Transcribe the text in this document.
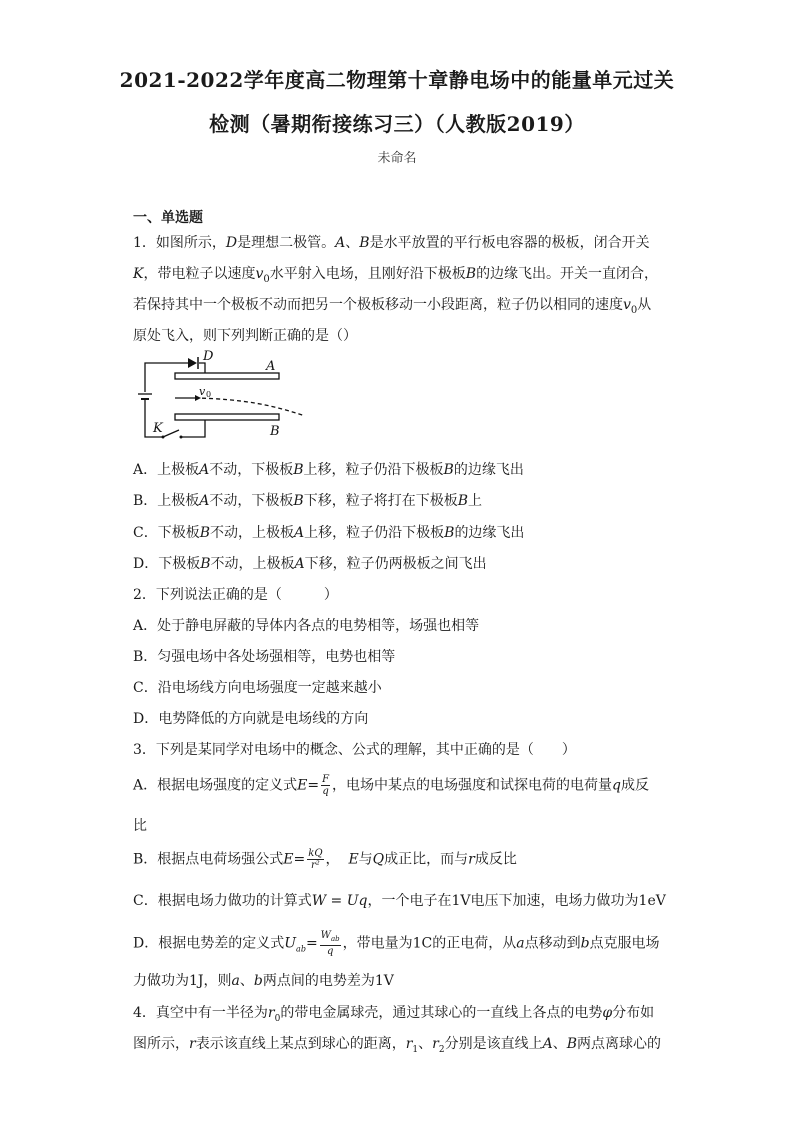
2021-2022学年度高二物理第十章静电场中的能量单元过关
检测（暑期衔接练习三）（人教版2019）
未命名
一、单选题
1．如图所示，D是理想二极管。A、B是水平放置的平行板电容器的极板，闭合开关
K，带电粒子以速度$v_0$水平射入电场，且刚好沿下极板B的边缘飞出。开关一直闭合，
若保持其中一个极板不动而把另一个极板移动一小段距离，粒子仍以相同的速度$v_0$从
原处飞入，则下列判断正确的是（）
D
A
v 0
B
K
A．上极板A不动，下极板B上移，粒子仍沿下极板B的边缘飞出
B．上极板A不动，下极板B下移，粒子将打在下极板B上
C．下极板B不动，上极板A上移，粒子仍沿下极板B的边缘飞出
D．下极板B不动，上极板A下移，粒子仍两极板之间飞出
2．下列说法正确的是（　　　）
A．处于静电屏蔽的导体内各点的电势相等，场强也相等
B．匀强电场中各处场强相等，电势也相等
C．沿电场线方向电场强度一定越来越小
D．电势降低的方向就是电场线的方向
3．下列是某同学对电场中的概念、公式的理解，其中正确的是（　　）
A．根据电场强度的定义式$E= \frac{F}{q}$ ，电场中某点的电场强度和试探电荷的电荷量q成反
比
B．根据点电荷场强公式$E= \frac{kQ}{\text{r²}}$ ， E与Q成正比，而与r成反比
C．根据电场力做功的计算式W = Uq，一个电子在1V电压下加速，电场力做功为1eV
D．根据电势差的定义式$U_{ab}= \frac{W_{ab}}{q}$ ，带电量为1C的正电荷，从a点移动到b点克服电场
力做功为1J，则a、b两点间的电势差为1V
4．真空中有一半径为$r_0$的带电金属球壳，通过其球心的一直线上各点的电势φ分布如
图所示，r表示该直线上某点到球心的距离，$r_1$、$r_2$分别是该直线上A、B两点离球心的
